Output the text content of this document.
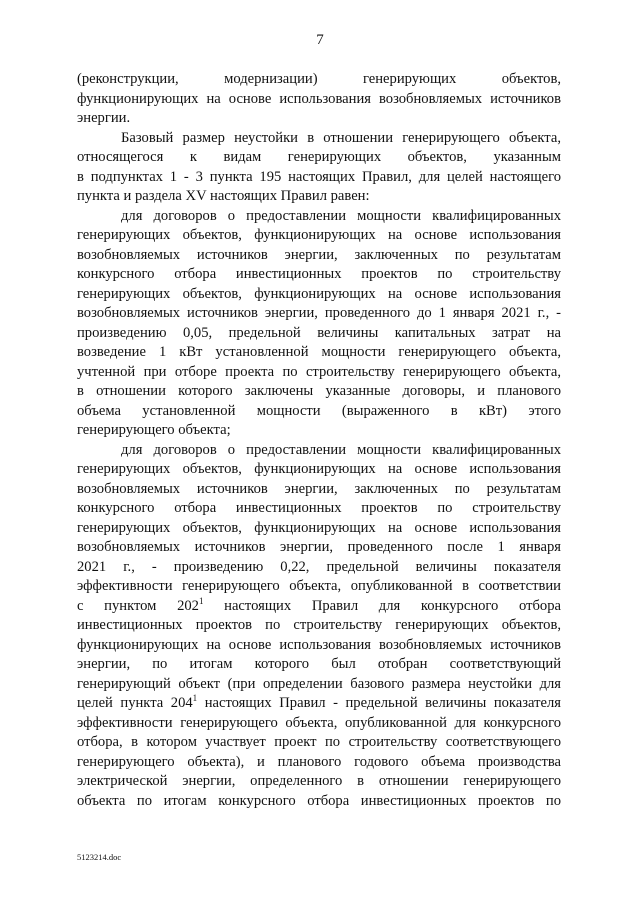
7

(реконструкции, модернизации) генерирующих объектов,
функционирующих на основе использования возобновляемых источников
энергии.

Базовый размер неустойки в отношении генерирующего объекта,
относящегося к видам генерирующих объектов, указанным
в подпунктах 1 - 3 пункта 195 настоящих Правил, для целей настоящего
пункта и раздела XV настоящих Правил равен:

для договоров о предоставлении мощности квалифицированных
генерирующих объектов, функционирующих на основе использования
возобновляемых источников энергии, заключенных по результатам
конкурсного отбора инвестиционных проектов по строительству
генерирующих объектов, функционирующих на основе использования
возобновляемых источников энергии, проведенного до 1 января 2021 г., -
произведению 0,05, предельной величины капитальных затрат на
возведение 1 кВт установленной мощности генерирующего объекта,
учтенной при отборе проекта по строительству генерирующего объекта,
в отношении которого заключены указанные договоры, и планового
объема установленной мощности (выраженного в кВт) этого
генерирующего объекта;

для договоров о предоставлении мощности квалифицированных
генерирующих объектов, функционирующих на основе использования
возобновляемых источников энергии, заключенных по результатам
конкурсного отбора инвестиционных проектов по строительству
генерирующих объектов, функционирующих на основе использования
возобновляемых источников энергии, проведенного после 1 января
2021 г., - произведению 0,22, предельной величины показателя
эффективности генерирующего объекта, опубликованной в соответствии
с пунктом $202^1$ настоящих Правил для конкурсного отбора
инвестиционных проектов по строительству генерирующих объектов,
функционирующих на основе использования возобновляемых источников
энергии, по итогам которого был отобран соответствующий
генерирующий объект (при определении базового размера неустойки для
целей пункта $204^1$ настоящих Правил - предельной величины показателя
эффективности генерирующего объекта, опубликованной для конкурсного
отбора, в котором участвует проект по строительству соответствующего
генерирующего объекта), и планового годового объема производства
электрической энергии, определенного в отношении генерирующего
объекта по итогам конкурсного отбора инвестиционных проектов по

5123214.doc
